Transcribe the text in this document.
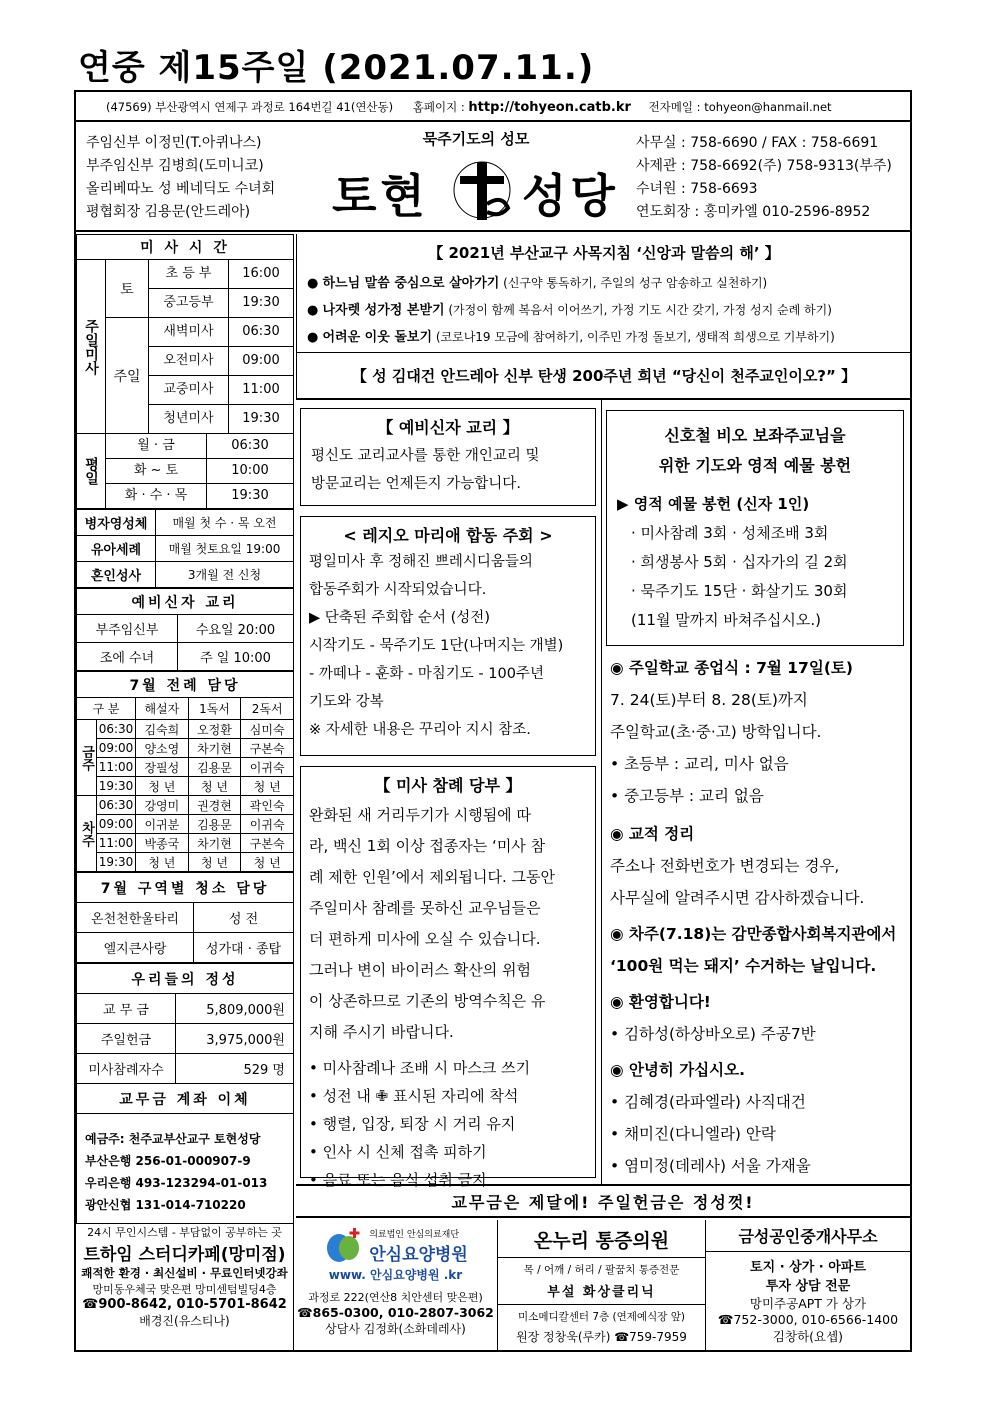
연중 제15주일 (2021.07.11.)
(47569) 부산광역시 연제구 과정로 164번길 41(연산동) 홈페이지 : http://tohyeon.catb.kr 전자메일 : tohyeon@hanmail.net
주임신부 이정민(T.아퀴나스)
부주임신부 김병희(도미니코)
올리베따노 성 베네딕도 수녀회
평협회장 김용문(안드레아)
묵주기도의 성모
토현 성당
사무실 : 758-6690 / FAX : 758-6691
사제관 : 758-6692(주) 758-9313(부주)
수녀원 : 758-6693
연도회장 : 홍미카엘 010-2596-8952
미 사 시 간		
주일미사	토	초 등 부 16:00

		중고등부 19:30

	주일	새벽미사 06:30

		오전미사 09:00

		교중미사 11:00

		청년미사 19:30

평일	월 · 금 06:30	

	화 ~ 토 10:00	

	화 · 수 · 목 19:30	
병자영성체	매월 첫 수 · 목 오전
유아세례	매월 첫토요일 19:00
혼인성사	3개월 전 신청
예비신자 교리	
부주임신부	수요일 20:00
조에 수녀	주 일 10:00
7월 전례 담당				
구 분		해설자	1독서	2독서
금주	06:30	김숙희	오정환	심미숙
	09:00	양소영	차기현	구본숙
	11:00	장필성	김용문	이귀숙
	19:30	청 년	청 년	청 년
차주	06:30	강영미	권경현	곽인숙
	09:00	이귀분	김용문	이귀숙
	11:00	박종국	차기현	구본숙
	19:30	청 년	청 년	청 년
7월 구역별 청소 담당	
온천천한울타리	성 전
엘지큰사랑	성가대 · 종탑
우리들의 정성	
교 무 금	5,809,000원
주일헌금	3,975,000원
미사참례자수	529 명
교무금 계좌 이체	
예금주: 천주교부산교구 토현성당
부산은행 256-01-000907-9
우리은행 493-123294-01-013
광안신협 131-014-710220
【 2021년 부산교구 사목지침 ‘신앙과 말씀의 해’ 】
● 하느님 말씀 중심으로 살아가기 (신구약 통독하기, 주일의 성구 암송하고 실천하기)
● 나자렛 성가정 본받기 (가정이 함께 복음서 이어쓰기, 가정 기도 시간 갖기, 가정 성지 순례 하기)
● 어려운 이웃 돌보기 (코로나19 모금에 참여하기, 이주민 가정 돌보기, 생태적 희생으로 기부하기)
【 성 김대건 안드레아 신부 탄생 200주년 희년 “당신이 천주교인이오?” 】
【 예비신자 교리 】
평신도 교리교사를 통한 개인교리 및
방문교리는 언제든지 가능합니다.
< 레지오 마리애 합동 주회 >
평일미사 후 정해진 쁘레시디움들의
합동주회가 시작되었습니다.
▶ 단축된 주회합 순서 (성전)
시작기도 - 묵주기도 1단(나머지는 개별)
- 까떼나 - 훈화 - 마침기도 - 100주년
기도와 강복
※ 자세한 내용은 꾸리아 지시 참조.
【 미사 참례 당부 】
완화된 새 거리두기가 시행됨에 따
라, 백신 1회 이상 접종자는 ‘미사 참
례 제한 인원’에서 제외됩니다. 그동안
주일미사 참례를 못하신 교우님들은
더 편하게 미사에 오실 수 있습니다.
그러나 변이 바이러스 확산의 위험
이 상존하므로 기존의 방역수칙은 유
지해 주시기 바랍니다.
• 미사참례나 조배 시 마스크 쓰기
• 성전 내 ✙ 표시된 자리에 착석
• 행렬, 입장, 퇴장 시 거리 유지
• 인사 시 신체 접촉 피하기
• 음료 또는 음식 섭취 금지
신호철 비오 보좌주교님을
위한 기도와 영적 예물 봉헌
▶ 영적 예물 봉헌 (신자 1인)
· 미사참례 3회 · 성체조배 3회
· 희생봉사 5회 · 십자가의 길 2회
· 묵주기도 15단 · 화살기도 30회
(11월 말까지 바쳐주십시오.)
◉ 주일학교 종업식 : 7월 17일(토)
7. 24(토)부터 8. 28(토)까지
주일학교(초·중·고) 방학입니다.
• 초등부 : 교리, 미사 없음
• 중고등부 : 교리 없음
◉ 교적 정리
주소나 전화번호가 변경되는 경우,
사무실에 알려주시면 감사하겠습니다.
◉ 차주(7.18)는 감만종합사회복지관에서
‘100원 먹는 돼지’ 수거하는 날입니다.
◉ 환영합니다!
• 김하성(하상바오로) 주공7반
◉ 안녕히 가십시오.
• 김혜경(라파엘라) 사직대건
• 채미진(다니엘라) 안락
• 염미정(데레사) 서울 가재울
교무금은 제달에! 주일헌금은 정성껏!
24시 무인시스템 - 부담없이 공부하는 곳
트하임 스터디카페(망미점)
쾌적한 환경 · 최신설비 · 무료인터넷강좌
망미동우체국 맞은편 망미센텀빌딩4층
☎900-8642, 010-5701-8642
배경진(유스티나)
의료법인 안심의료재단
안심요양병원
www. 안심요양병원 .kr
과정로 222(연산8 치안센터 맞은편)
☎865-0300, 010-2807-3062
상담사 김정화(소화데레사)
온누리 통증의원
목 / 어깨 / 허리 / 팔꿈치 통증전문
부설 화상클리닉
미소메디칼센터 7층 (연제예식장 앞)
원장 정창욱(루카) ☎759-7959
금성공인중개사무소
토지 · 상가 · 아파트
투자 상담 전문
망미주공APT 가 상가
☎752-3000, 010-6566-1400
김창하(요셉)
